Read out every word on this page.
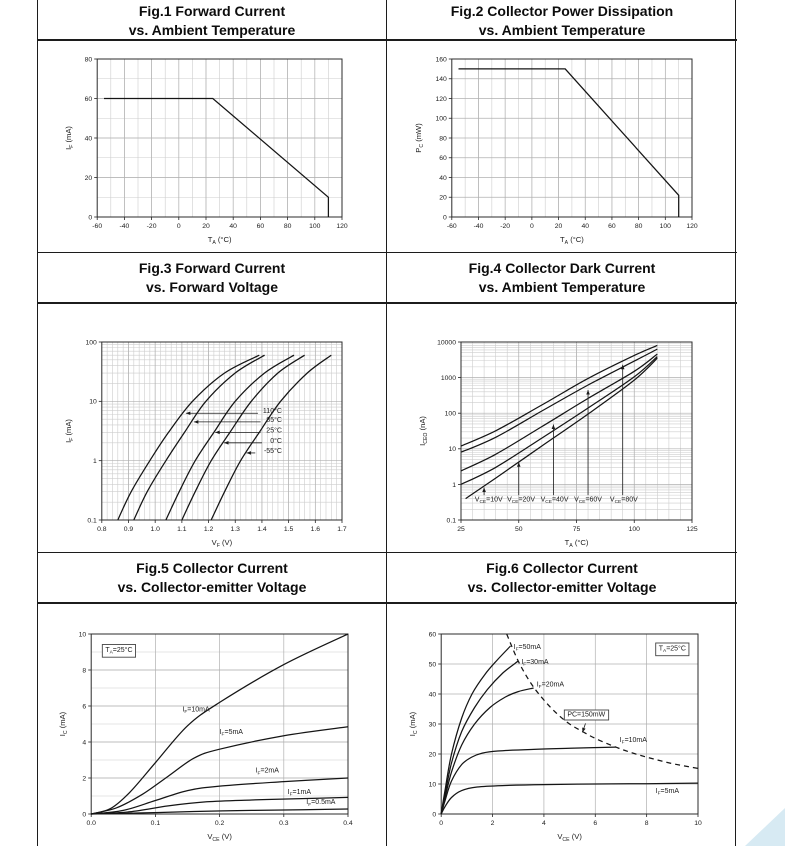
Fig.1 Forward Current
vs. Ambient Temperature
Fig.2 Collector Power Dissipation
vs. Ambient Temperature
-60	-40	-20	0	20	40	60	80	100 120
0
20
40
60
80
$T_A$ (°C)
$I_F$ (mA)
-60 -40 -20	0	20	40	60	80	100 120
0
20
40
60
80
100
120
140
160
$T_A$ (°C)
$P_C$ (mW)
Fig.3 Forward Current
vs. Forward Voltage
Fig.4 Collector Dark Current
vs. Ambient Temperature
0.8	0.9	1.0	1.1	1.2	1.3	1.4	1.5	1.6	1.7
0.1
1
10
100
$V_F$ (V)
$I_F$ (mA)
110°C
85°C
25°C
0°C
-55°C
25	50	75	100	125
0.1
1
10
100
1000
10000
$T_A$ (°C)
$I_{CEO}$ (nA)
$V_{CE}=10V$ $V_{CE}=20V$ $V_{CE}=40V$ $V_{CE}=60V$ $V_{CE}=80V$
Fig.5 Collector Current
vs. Collector-emitter Voltage
Fig.6 Collector Current
vs. Collector-emitter Voltage
0.0	0.1	0.2	0.3	0.4
0
2
4
6
8
10
$V_{CE}$ (V)
$I_C$ (mA)
$T_A=25^\circ C$
$I_F=10mA$
$I_F=5mA$
$I_F=2mA$
$I_F=1mA$
$I_F=0.5mA$
0	2	4	6	8	10
0
10
20
30
40
50
60
$V_{CE}$ (V)
$I_C$ (mA)
$I_F=50mA$
$I_F=30mA$
$I_F=20mA$
$I_F=10mA$
$I_F=5mA$
PC=150mW
$T_A=25^\circ C$
